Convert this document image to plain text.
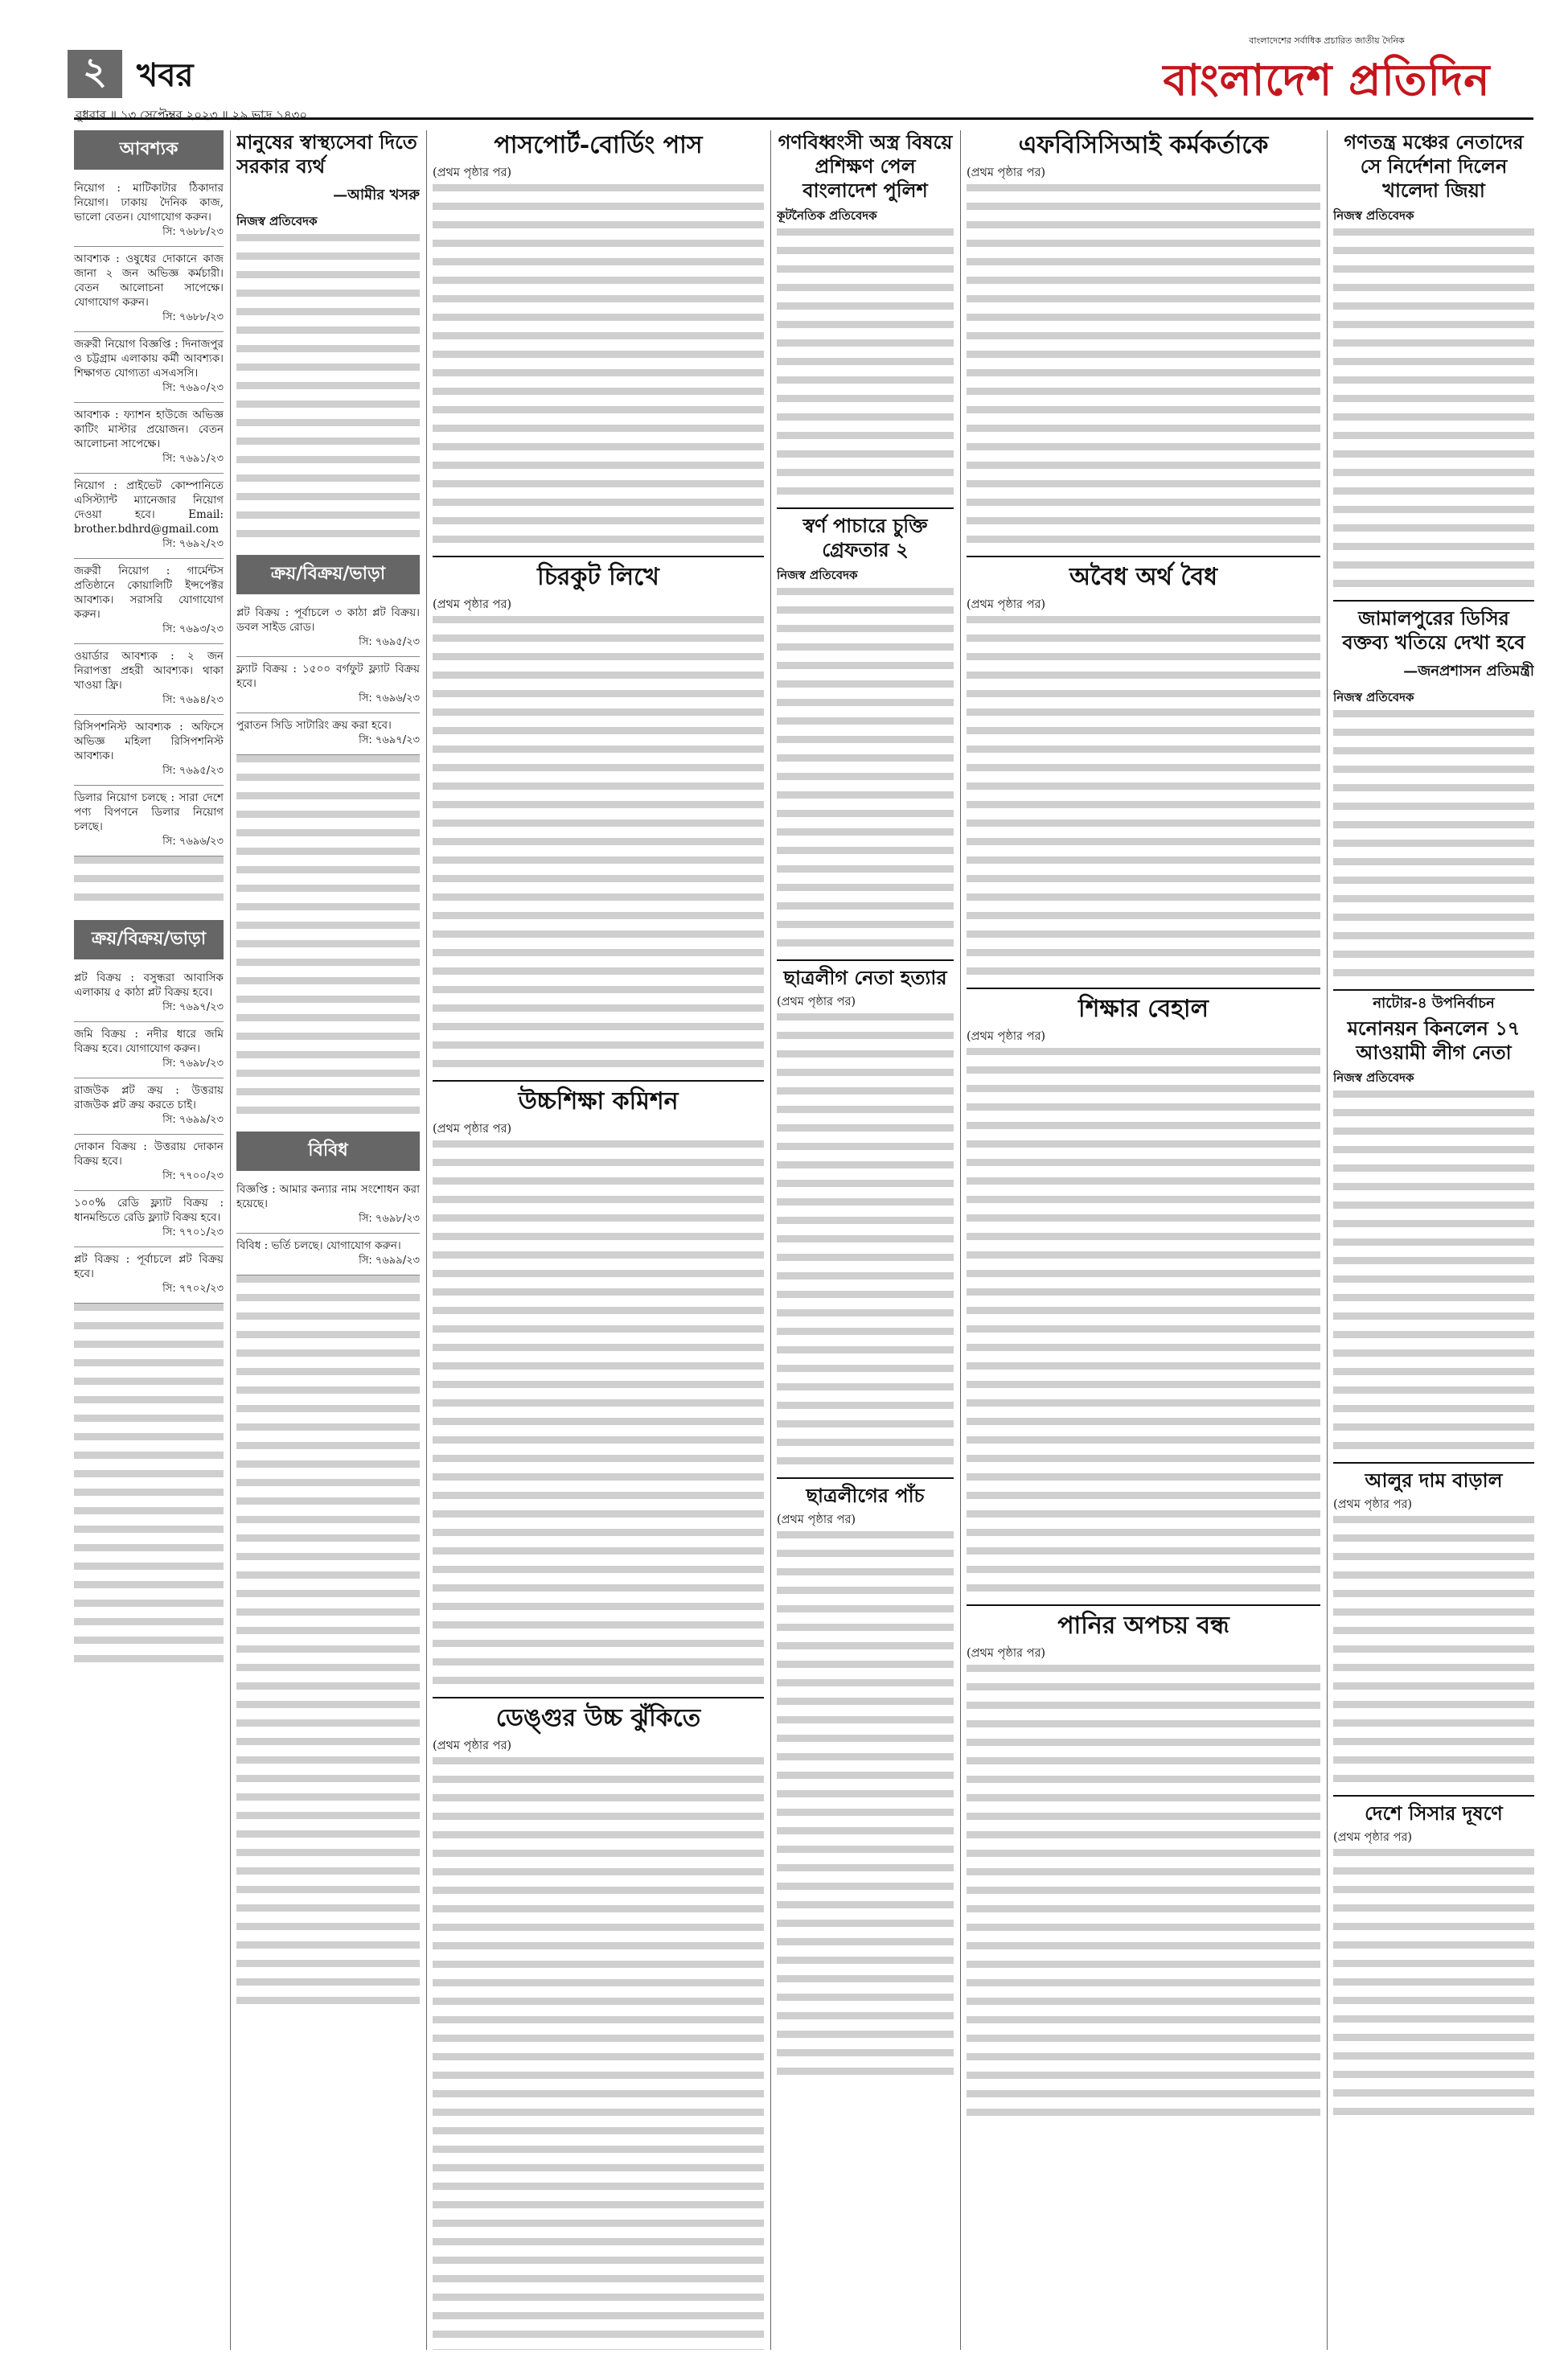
২ খবর
বুধবার ॥ ১৩ সেপ্টেম্বর ২০২৩ ॥ ২৯ ভাদ্র ১৪৩০
বাংলাদেশের সর্বাধিক প্রচারিত জাতীয় দৈনিক
বাংলাদেশ প্রতিদিন
আবশ্যক
নিয়োগ : মাটিকাটার ঠিকাদার নিয়োগ। ঢাকায় দৈনিক কাজ, ভালো বেতন। যোগাযোগ করুন।
সি: ৭৬৮৮/২৩
আবশ্যক : ওষুধের দোকানে কাজ জানা ২ জন অভিজ্ঞ কর্মচারী। বেতন আলোচনা সাপেক্ষে। যোগাযোগ করুন।
সি: ৭৬৮৮/২৩
জরুরী নিয়োগ বিজ্ঞপ্তি : দিনাজপুর ও চট্টগ্রাম এলাকায় কর্মী আবশ্যক। শিক্ষাগত যোগ্যতা এসএসসি।
সি: ৭৬৯০/২৩
আবশ্যক : ফ্যাশন হাউজে অভিজ্ঞ কাটিং মাস্টার প্রয়োজন। বেতন আলোচনা সাপেক্ষে।
সি: ৭৬৯১/২৩
নিয়োগ : প্রাইভেট কোম্পানিতে এসিস্ট্যান্ট ম্যানেজার নিয়োগ দেওয়া হবে। Email: brother.bdhrd@gmail.com
সি: ৭৬৯২/২৩
জরুরী নিয়োগ : গার্মেন্টস প্রতিষ্ঠানে কোয়ালিটি ইন্সপেক্টর আবশ্যক। সরাসরি যোগাযোগ করুন।
সি: ৭৬৯৩/২৩
ওয়ার্ডার আবশ্যক : ২ জন নিরাপত্তা প্রহরী আবশ্যক। থাকা খাওয়া ফ্রি।
সি: ৭৬৯৪/২৩
রিসিপশনিস্ট আবশ্যক : অফিসে অভিজ্ঞ মহিলা রিসিপশনিস্ট আবশ্যক।
সি: ৭৬৯৫/২৩
ডিলার নিয়োগ চলছে : সারা দেশে পণ্য বিপণনে ডিলার নিয়োগ চলছে।
সি: ৭৬৯৬/২৩
ক্রয়/বিক্রয়/ভাড়া
প্লট বিক্রয় : বসুন্ধরা আবাসিক এলাকায় ৫ কাঠা প্লট বিক্রয় হবে।
সি: ৭৬৯৭/২৩
জমি বিক্রয় : নদীর ধারে জমি বিক্রয় হবে। যোগাযোগ করুন।
সি: ৭৬৯৮/২৩
রাজউক প্লট ক্রয় : উত্তরায় রাজউক প্লট ক্রয় করতে চাই।
সি: ৭৬৯৯/২৩
দোকান বিক্রয় : উত্তরায় দোকান বিক্রয় হবে।
সি: ৭৭০০/২৩
১০০% রেডি ফ্ল্যাট বিক্রয় : ধানমন্ডিতে রেডি ফ্ল্যাট বিক্রয় হবে।
সি: ৭৭০১/২৩
প্লট বিক্রয় : পূর্বাচলে প্লট বিক্রয় হবে।
সি: ৭৭০২/২৩
মানুষের স্বাস্থ্যসেবা দিতে সরকার ব্যর্থ
—আমীর খসরু
নিজস্ব প্রতিবেদক
ক্রয়/বিক্রয়/ভাড়া
প্লট বিক্রয় : পূর্বাচলে ৩ কাঠা প্লট বিক্রয়। ডবল সাইড রোড।
সি: ৭৬৯৫/২৩
ফ্ল্যাট বিক্রয় : ১৫০০ বর্গফুট ফ্ল্যাট বিক্রয় হবে।
সি: ৭৬৯৬/২৩
পুরাতন সিডি সাটারিং ক্রয় করা হবে।
সি: ৭৬৯৭/২৩
বিবিধ
বিজ্ঞপ্তি : আমার কন্যার নাম সংশোধন করা হয়েছে।
সি: ৭৬৯৮/২৩
বিবিধ : ভর্তি চলছে। যোগাযোগ করুন।
সি: ৭৬৯৯/২৩
পাসপোর্ট-বোর্ডিং পাস

(প্রথম পৃষ্ঠার পর)

চিরকুট লিখে

(প্রথম পৃষ্ঠার পর)

উচ্চশিক্ষা কমিশন

(প্রথম পৃষ্ঠার পর)

ডেঙ্গুর উচ্চ ঝুঁকিতে

(প্রথম পৃষ্ঠার পর)

গণবিধ্বংসী অস্ত্র বিষয়ে প্রশিক্ষণ পেল বাংলাদেশ পুলিশ
কূটনৈতিক প্রতিবেদক
স্বর্ণ পাচারে চুক্তি গ্রেফতার ২
নিজস্ব প্রতিবেদক
ছাত্রলীগ নেতা হত্যার

(প্রথম পৃষ্ঠার পর)

ছাত্রলীগের পাঁচ

(প্রথম পৃষ্ঠার পর)

এফবিসিসিআই কর্মকর্তাকে

(প্রথম পৃষ্ঠার পর)

অবৈধ অর্থ বৈধ

(প্রথম পৃষ্ঠার পর)

শিক্ষার বেহাল

(প্রথম পৃষ্ঠার পর)

পানির অপচয় বন্ধ

(প্রথম পৃষ্ঠার পর)

গণতন্ত্র মঞ্চের নেতাদের সে নির্দেশনা দিলেন খালেদা জিয়া
নিজস্ব প্রতিবেদক
জামালপুরের ডিসির বক্তব্য খতিয়ে দেখা হবে
—জনপ্রশাসন প্রতিমন্ত্রী
নিজস্ব প্রতিবেদক
নাটোর-৪ উপনির্বাচন
মনোনয়ন কিনলেন ১৭ আওয়ামী লীগ নেতা
নিজস্ব প্রতিবেদক
আলুর দাম বাড়াল

(প্রথম পৃষ্ঠার পর)

দেশে সিসার দূষণে

(প্রথম পৃষ্ঠার পর)
